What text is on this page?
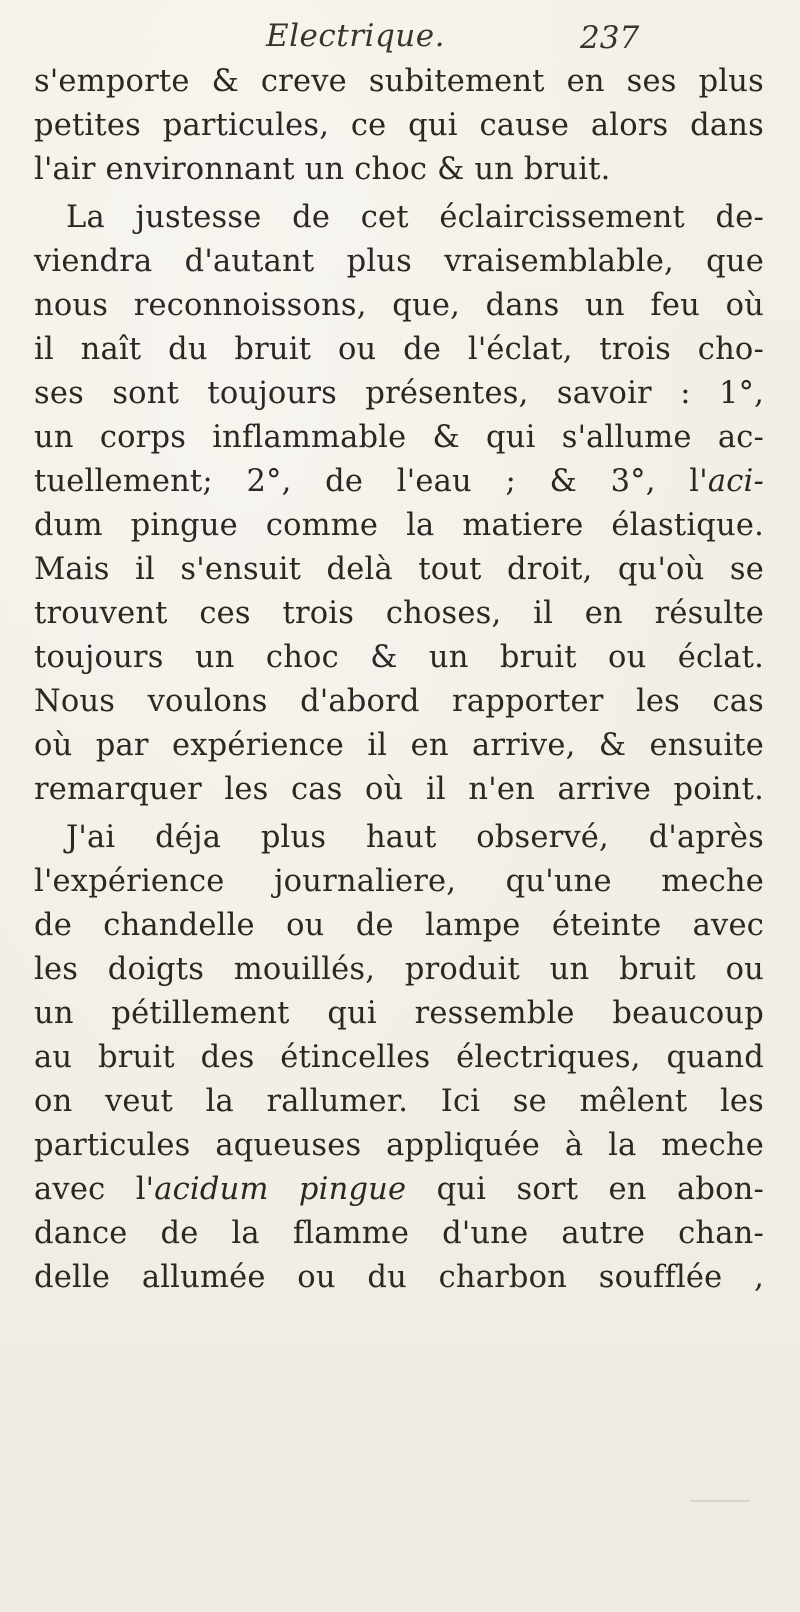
Electrique.	237
s'emporte & creve subitement en ses plus
petites particules, ce qui cause alors dans
l'air environnant un choc & un bruit.
La justesse de cet éclaircissement de-
viendra d'autant plus vraisemblable, que
nous reconnoissons, que, dans un feu où
il naît du bruit ou de l'éclat, trois cho-
ses sont toujours présentes, savoir : 1°,
un corps inflammable & qui s'allume ac-
tuellement; 2°, de l'eau ; & 3°, l'aci-
dum pingue comme la matiere élastique.
Mais il s'ensuit delà tout droit, qu'où se
trouvent ces trois choses, il en résulte
toujours un choc & un bruit ou éclat.
Nous voulons d'abord rapporter les cas
où par expérience il en arrive, & ensuite
remarquer les cas où il n'en arrive point.
J'ai déja plus haut observé, d'après
l'expérience journaliere, qu'une meche
de chandelle ou de lampe éteinte avec
les doigts mouillés, produit un bruit ou
un pétillement qui ressemble beaucoup
au bruit des étincelles électriques, quand
on veut la rallumer. Ici se mêlent les
particules aqueuses appliquée à la meche
avec l'acidum pingue qui sort en abon-
dance de la flamme d'une autre chan-
delle allumée ou du charbon soufflée ,
